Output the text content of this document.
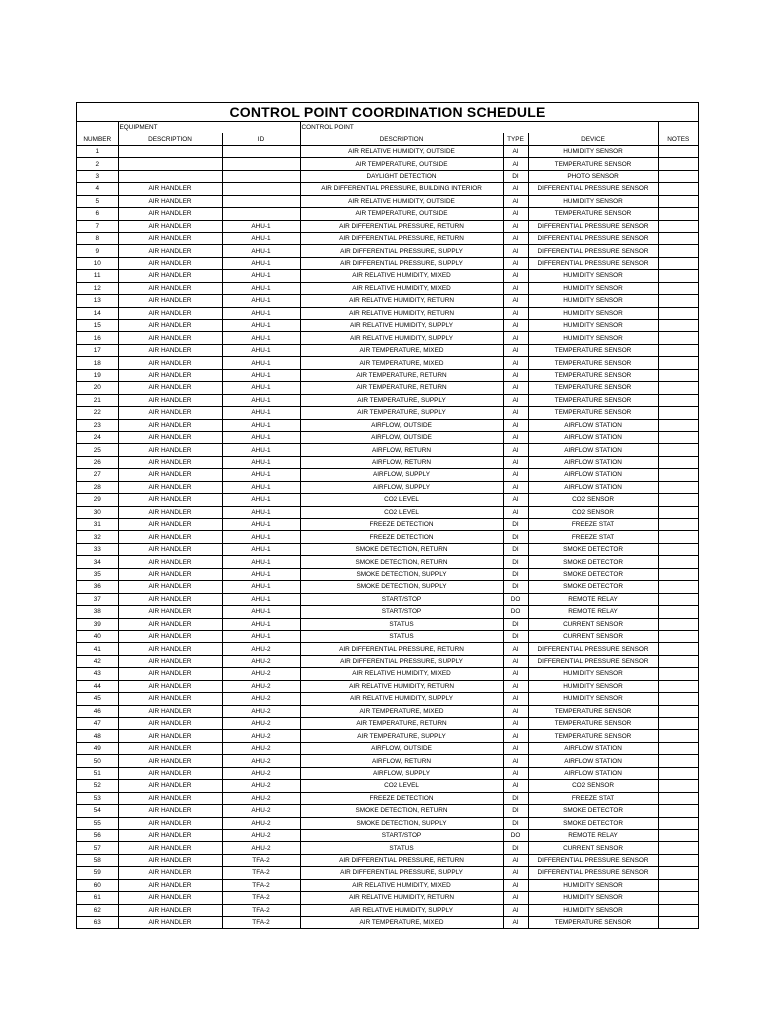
CONTROL POINT COORDINATION SCHEDULE
	EQUIPMENT		CONTROL POINT			
NUMBER	DESCRIPTION	ID	DESCRIPTION	TYPE	DEVICE	NOTES
1			AIR RELATIVE HUMIDITY, OUTSIDE	AI	HUMIDITY SENSOR	
2			AIR TEMPERATURE, OUTSIDE	AI	TEMPERATURE SENSOR	
3			DAYLIGHT DETECTION	DI	PHOTO SENSOR	
4	AIR HANDLER		AIR DIFFERENTIAL PRESSURE, BUILDING INTERIOR	AI	DIFFERENTIAL PRESSURE SENSOR	
5	AIR HANDLER		AIR RELATIVE HUMIDITY, OUTSIDE	AI	HUMIDITY SENSOR	
6	AIR HANDLER		AIR TEMPERATURE, OUTSIDE	AI	TEMPERATURE SENSOR	
7	AIR HANDLER	AHU-1	AIR DIFFERENTIAL PRESSURE, RETURN	AI	DIFFERENTIAL PRESSURE SENSOR	
8	AIR HANDLER	AHU-1	AIR DIFFERENTIAL PRESSURE, RETURN	AI	DIFFERENTIAL PRESSURE SENSOR	
9	AIR HANDLER	AHU-1	AIR DIFFERENTIAL PRESSURE, SUPPLY	AI	DIFFERENTIAL PRESSURE SENSOR	
10	AIR HANDLER	AHU-1	AIR DIFFERENTIAL PRESSURE, SUPPLY	AI	DIFFERENTIAL PRESSURE SENSOR	
11	AIR HANDLER	AHU-1	AIR RELATIVE HUMIDITY, MIXED	AI	HUMIDITY SENSOR	
12	AIR HANDLER	AHU-1	AIR RELATIVE HUMIDITY, MIXED	AI	HUMIDITY SENSOR	
13	AIR HANDLER	AHU-1	AIR RELATIVE HUMIDITY, RETURN	AI	HUMIDITY SENSOR	
14	AIR HANDLER	AHU-1	AIR RELATIVE HUMIDITY, RETURN	AI	HUMIDITY SENSOR	
15	AIR HANDLER	AHU-1	AIR RELATIVE HUMIDITY, SUPPLY	AI	HUMIDITY SENSOR	
16	AIR HANDLER	AHU-1	AIR RELATIVE HUMIDITY, SUPPLY	AI	HUMIDITY SENSOR	
17	AIR HANDLER	AHU-1	AIR TEMPERATURE, MIXED	AI	TEMPERATURE SENSOR	
18	AIR HANDLER	AHU-1	AIR TEMPERATURE, MIXED	AI	TEMPERATURE SENSOR	
19	AIR HANDLER	AHU-1	AIR TEMPERATURE, RETURN	AI	TEMPERATURE SENSOR	
20	AIR HANDLER	AHU-1	AIR TEMPERATURE, RETURN	AI	TEMPERATURE SENSOR	
21	AIR HANDLER	AHU-1	AIR TEMPERATURE, SUPPLY	AI	TEMPERATURE SENSOR	
22	AIR HANDLER	AHU-1	AIR TEMPERATURE, SUPPLY	AI	TEMPERATURE SENSOR	
23	AIR HANDLER	AHU-1	AIRFLOW, OUTSIDE	AI	AIRFLOW STATION	
24	AIR HANDLER	AHU-1	AIRFLOW, OUTSIDE	AI	AIRFLOW STATION	
25	AIR HANDLER	AHU-1	AIRFLOW, RETURN	AI	AIRFLOW STATION	
26	AIR HANDLER	AHU-1	AIRFLOW, RETURN	AI	AIRFLOW STATION	
27	AIR HANDLER	AHU-1	AIRFLOW, SUPPLY	AI	AIRFLOW STATION	
28	AIR HANDLER	AHU-1	AIRFLOW, SUPPLY	AI	AIRFLOW STATION	
29	AIR HANDLER	AHU-1	CO2 LEVEL	AI	CO2 SENSOR	
30	AIR HANDLER	AHU-1	CO2 LEVEL	AI	CO2 SENSOR	
31	AIR HANDLER	AHU-1	FREEZE DETECTION	DI	FREEZE STAT	
32	AIR HANDLER	AHU-1	FREEZE DETECTION	DI	FREEZE STAT	
33	AIR HANDLER	AHU-1	SMOKE DETECTION, RETURN	DI	SMOKE DETECTOR	
34	AIR HANDLER	AHU-1	SMOKE DETECTION, RETURN	DI	SMOKE DETECTOR	
35	AIR HANDLER	AHU-1	SMOKE DETECTION, SUPPLY	DI	SMOKE DETECTOR	
36	AIR HANDLER	AHU-1	SMOKE DETECTION, SUPPLY	DI	SMOKE DETECTOR	
37	AIR HANDLER	AHU-1	START/STOP	DO	REMOTE RELAY	
38	AIR HANDLER	AHU-1	START/STOP	DO	REMOTE RELAY	
39	AIR HANDLER	AHU-1	STATUS	DI	CURRENT SENSOR	
40	AIR HANDLER	AHU-1	STATUS	DI	CURRENT SENSOR	
41	AIR HANDLER	AHU-2	AIR DIFFERENTIAL PRESSURE, RETURN	AI	DIFFERENTIAL PRESSURE SENSOR	
42	AIR HANDLER	AHU-2	AIR DIFFERENTIAL PRESSURE, SUPPLY	AI	DIFFERENTIAL PRESSURE SENSOR	
43	AIR HANDLER	AHU-2	AIR RELATIVE HUMIDITY, MIXED	AI	HUMIDITY SENSOR	
44	AIR HANDLER	AHU-2	AIR RELATIVE HUMIDITY, RETURN	AI	HUMIDITY SENSOR	
45	AIR HANDLER	AHU-2	AIR RELATIVE HUMIDITY, SUPPLY	AI	HUMIDITY SENSOR	
46	AIR HANDLER	AHU-2	AIR TEMPERATURE, MIXED	AI	TEMPERATURE SENSOR	
47	AIR HANDLER	AHU-2	AIR TEMPERATURE, RETURN	AI	TEMPERATURE SENSOR	
48	AIR HANDLER	AHU-2	AIR TEMPERATURE, SUPPLY	AI	TEMPERATURE SENSOR	
49	AIR HANDLER	AHU-2	AIRFLOW, OUTSIDE	AI	AIRFLOW STATION	
50	AIR HANDLER	AHU-2	AIRFLOW, RETURN	AI	AIRFLOW STATION	
51	AIR HANDLER	AHU-2	AIRFLOW, SUPPLY	AI	AIRFLOW STATION	
52	AIR HANDLER	AHU-2	CO2 LEVEL	AI	CO2 SENSOR	
53	AIR HANDLER	AHU-2	FREEZE DETECTION	DI	FREEZE STAT	
54	AIR HANDLER	AHU-2	SMOKE DETECTION, RETURN	DI	SMOKE DETECTOR	
55	AIR HANDLER	AHU-2	SMOKE DETECTION, SUPPLY	DI	SMOKE DETECTOR	
56	AIR HANDLER	AHU-2	START/STOP	DO	REMOTE RELAY	
57	AIR HANDLER	AHU-2	STATUS	DI	CURRENT SENSOR	
58	AIR HANDLER	TFA-2	AIR DIFFERENTIAL PRESSURE, RETURN	AI	DIFFERENTIAL PRESSURE SENSOR	
59	AIR HANDLER	TFA-2	AIR DIFFERENTIAL PRESSURE, SUPPLY	AI	DIFFERENTIAL PRESSURE SENSOR	
60	AIR HANDLER	TFA-2	AIR RELATIVE HUMIDITY, MIXED	AI	HUMIDITY SENSOR	
61	AIR HANDLER	TFA-2	AIR RELATIVE HUMIDITY, RETURN	AI	HUMIDITY SENSOR	
62	AIR HANDLER	TFA-2	AIR RELATIVE HUMIDITY, SUPPLY	AI	HUMIDITY SENSOR	
63	AIR HANDLER	TFA-2	AIR TEMPERATURE, MIXED	AI	TEMPERATURE SENSOR	
